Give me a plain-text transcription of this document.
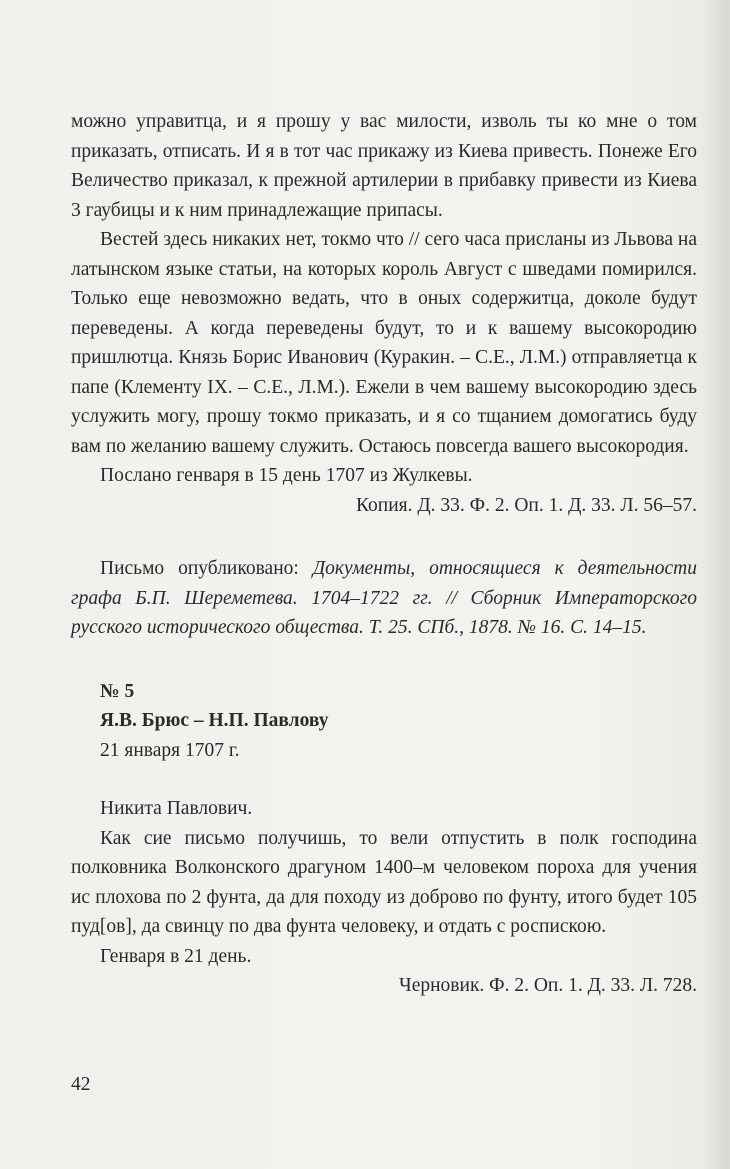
можно управитца, и я прошу у вас милости, изволь ты ко мне о том приказать, отписать. И я в тот час прикажу из Киева привесть. Понеже Его Величество приказал, к прежной артилерии в прибавку привести из Киева 3 гаубицы и к ним принадлежащие припасы.

Вестей здесь никаких нет, токмо что // сего часа присланы из Львова на латынском языке статьи, на которых король Август с шведами помирился. Только еще невозможно ведать, что в оных содержитца, доколе будут переведены. А когда переведены будут, то и к вашему высокородию пришлютца. Князь Борис Иванович (Куракин. – С.Е., Л.М.) отправляетца к папе (Клементу IX. – С.Е., Л.М.). Ежели в чем вашему высокородию здесь услужить могу, прошу токмо приказать, и я со тщанием домогатись буду вам по желанию вашему служить. Остаюсь повсегда вашего высокородия.

Послано генваря в 15 день 1707 из Жулкевы.

Копия. Д. 33. Ф. 2. Оп. 1. Д. 33. Л. 56–57.

Письмо опубликовано: Документы, относящиеся к деятельности графа Б.П. Шереметева. 1704–1722 гг. // Сборник Императорского русского исторического общества. Т. 25. СПб., 1878. № 16. С. 14–15.

№ 5
Я.В. Брюс – Н.П. Павлову
21 января 1707 г.

Никита Павлович.

Как сие письмо получишь, то вели отпустить в полк господина полковника Волконского драгуном 1400–м человеком пороха для учения ис плохова по 2 фунта, да для походу из доброво по фунту, итого будет 105 пуд[ов], да свинцу по два фунта человеку, и отдать с роспискою.

Генваря в 21 день.

Черновик. Ф. 2. Оп. 1. Д. 33. Л. 728.

42
